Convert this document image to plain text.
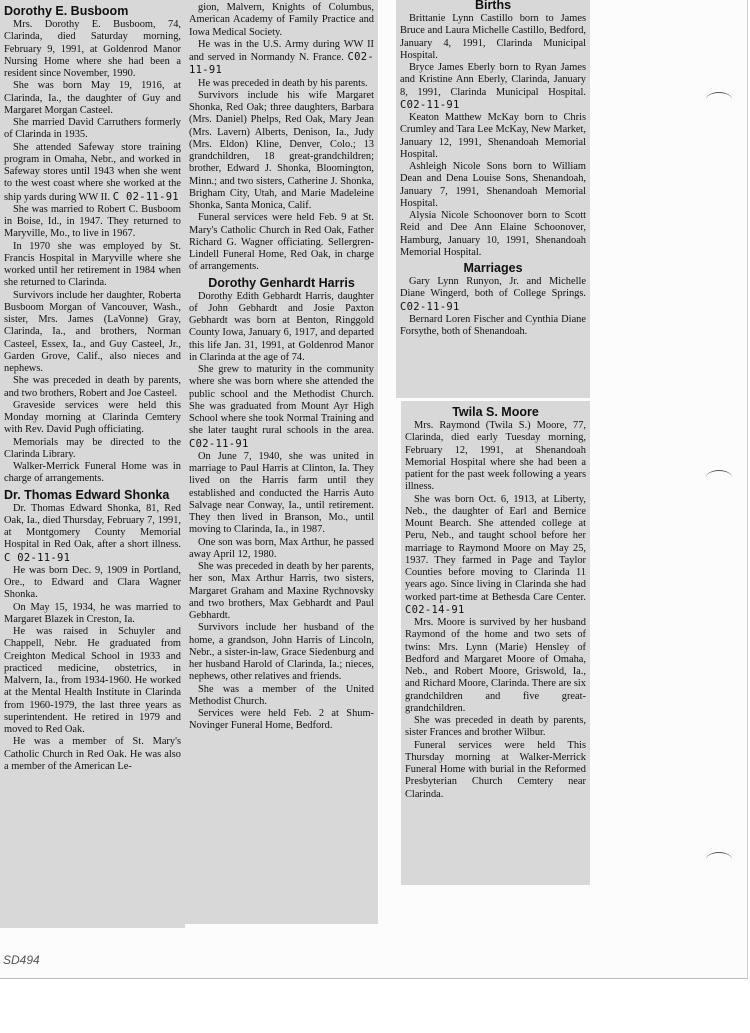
Dorothy E. Busboom

Mrs. Dorothy E. Busboom, 74, Clarinda, died Saturday morning, February 9, 1991, at Goldenrod Manor Nursing Home where she had been a resident since November, 1990.

She was born May 19, 1916, at Clarinda, Ia., the daughter of Guy and Margaret Morgan Casteel.

She married David Carruthers formerly of Clarinda in 1935.

She attended Safeway store training program in Omaha, Nebr., and worked in Safeway stores until 1943 when she went to the west coast where she worked at the ship yards during WW II. C 02-11-91

She was married to Robert C. Busboom in Boise, Id., in 1947. They returned to Maryville, Mo., to live in 1967.

In 1970 she was employed by St. Francis Hospital in Maryville where she worked until her retirement in 1984 when she returned to Clarinda.

Survivors include her daughter, Roberta Busboom Morgan of Vancouver, Wash., sister, Mrs. James (LaVonne) Gray, Clarinda, Ia., and brothers, Norman Casteel, Essex, Ia., and Guy Casteel, Jr., Garden Grove, Calif., also nieces and nephews.

She was preceded in death by parents, and two brothers, Robert and Joe Casteel.

Graveside services were held this Monday morning at Clarinda Cemtery with Rev. David Pugh officiating.

Memorials may be directed to the Clarinda Library.

Walker-Merrick Funeral Home was in charge of arrangements.

Dr. Thomas Edward Shonka

Dr. Thomas Edward Shonka, 81, Red Oak, Ia., died Thursday, February 7, 1991, at Montgomery County Memorial Hospital in Red Oak, after a short illness. C 02-11-91

He was born Dec. 9, 1909 in Portland, Ore., to Edward and Clara Wagner Shonka.

On May 15, 1934, he was married to Margaret Blazek in Creston, Ia.

He was raised in Schuyler and Chappell, Nebr. He graduated from Creighton Medical School in 1933 and practiced medicine, obstetrics, in Malvern, Ia., from 1934-1960. He worked at the Mental Health Institute in Clarinda from 1960-1979, the last three years as superintendent. He retired in 1979 and moved to Red Oak.

He was a member of St. Mary's Catholic Church in Red Oak. He was also a member of the American Le-

gion, Malvern, Knights of Columbus, American Academy of Family Practice and Iowa Medical Society.

He was in the U.S. Army during WW II and served in Normandy N. France. C02-11-91

He was preceded in death by his parents.

Survivors include his wife Margaret Shonka, Red Oak; three daughters, Barbara (Mrs. Daniel) Phelps, Red Oak, Mary Jean (Mrs. Lavern) Alberts, Denison, Ia., Judy (Mrs. Eldon) Kline, Denver, Colo.; 13 grandchildren, 18 great-grandchildren; brother, Edward J. Shonka, Bloomington, Minn.; and two sisters, Catherine J. Shonka, Brigham City, Utah, and Marie Madeleine Shonka, Santa Monica, Calif.

Funeral services were held Feb. 9 at St. Mary's Catholic Church in Red Oak, Father Richard G. Wagner officiating. Sellergren-Lindell Funeral Home, Red Oak, in charge of arrangements.

Dorothy Genhardt Harris

Dorothy Edith Gebhardt Harris, daughter of John Gebhardt and Josie Paxton Gebhardt was born at Benton, Ringgold County Iowa, January 6, 1917, and departed this life Jan. 31, 1991, at Goldenrod Manor in Clarinda at the age of 74.

She grew to maturity in the community where she was born where she attended the public school and the Methodist Church. She was graduated from Mount Ayr High School where she took Normal Training and she later taught rural schools in the area. C02-11-91

On June 7, 1940, she was united in marriage to Paul Harris at Clinton, Ia. They lived on the Harris farm until they established and conducted the Harris Auto Salvage near Conway, Ia., until retirement. They then lived in Branson, Mo., until moving to Clarinda, Ia., in 1987.

One son was born, Max Arthur, he passed away April 12, 1980.

She was preceded in death by her parents, her son, Max Arthur Harris, two sisters, Margaret Graham and Maxine Rychnovsky and two brothers, Max Gebhardt and Paul Gebhardt.

Survivors include her husband of the home, a grandson, John Harris of Lincoln, Nebr., a sister-in-law, Grace Siedenburg and her husband Harold of Clarinda, Ia.; nieces, nephews, other relatives and friends.

She was a member of the United Methodist Church.

Services were held Feb. 2 at Shum-Novinger Funeral Home, Bedford.

Births

Brittanie Lynn Castillo born to James Bruce and Laura Michelle Castillo, Bedford, January 4, 1991, Clarinda Municipal Hospital.

Bryce James Eberly born to Ryan James and Kristine Ann Eberly, Clarinda, January 8, 1991, Clarinda Municipal Hospital. C02-11-91

Keaton Matthew McKay born to Chris Crumley and Tara Lee McKay, New Market, January 12, 1991, Shenandoah Memorial Hospital.

Ashleigh Nicole Sons born to William Dean and Dena Louise Sons, Shenandoah, January 7, 1991, Shenandoah Memorial Hospital.

Alysia Nicole Schoonover born to Scott Reid and Dee Ann Elaine Schoonover, Hamburg, January 10, 1991, Shenandoah Memorial Hospital.

Marriages

Gary Lynn Runyon, Jr. and Michelle Diane Wingerd, both of College Springs. C02-11-91

Bernard Loren Fischer and Cynthia Diane Forsythe, both of Shenandoah.

Twila S. Moore

Mrs. Raymond (Twila S.) Moore, 77, Clarinda, died early Tuesday morning, February 12, 1991, at Shenandoah Memorial Hospital where she had been a patient for the past week following a years illness.

She was born Oct. 6, 1913, at Liberty, Neb., the daughter of Earl and Bernice Mount Bearch. She attended college at Peru, Neb., and taught school before her marriage to Raymond Moore on May 25, 1937. They farmed in Page and Taylor Counties before moving to Clarinda 11 years ago. Since living in Clarinda she had worked part-time at Bethesda Care Center. C02-14-91

Mrs. Moore is survived by her husband Raymond of the home and two sets of twins: Mrs. Lynn (Marie) Hensley of Bedford and Margaret Moore of Omaha, Neb., and Robert Moore, Griswold, Ia., and Richard Moore, Clarinda. There are six grandchildren and five great-grandchildren.

She was preceded in death by parents, sister Frances and brother Wilbur.

Funeral services were held This Thursday morning at Walker-Merrick Funeral Home with burial in the Reformed Presbyterian Church Cemtery near Clarinda.

SD494
